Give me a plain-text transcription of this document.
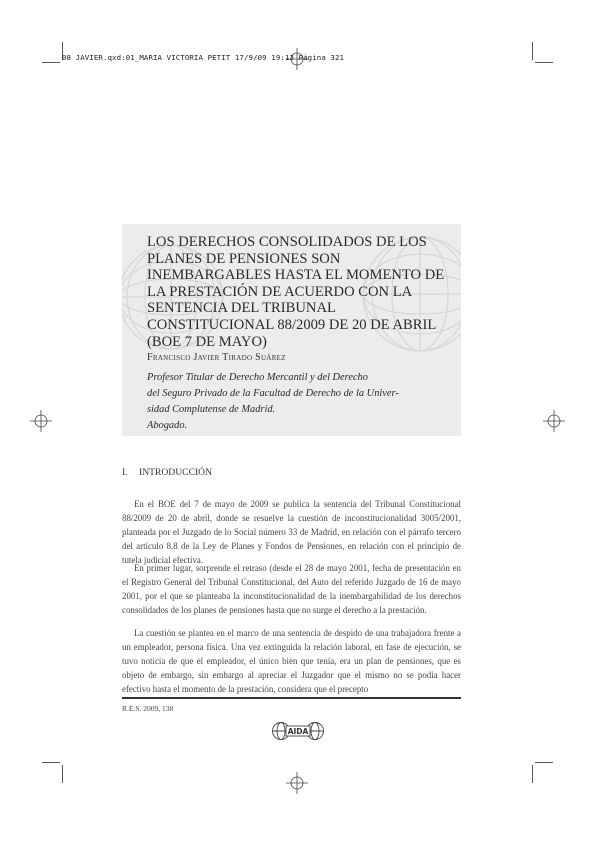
08 JAVIER.qxd:01_MARIA VICTORIA PETIT 17/9/09 19:13 Página 321
LOS DERECHOS CONSOLIDADOS DE LOS
PLANES DE PENSIONES SON
INEMBARGABLES HASTA EL MOMENTO DE
LA PRESTACIÓN DE ACUERDO CON LA
SENTENCIA DEL TRIBUNAL
CONSTITUCIONAL 88/2009 DE 20 DE ABRIL
(BOE 7 DE MAYO)
Francisco Javier Tirado Suárez
Profesor Titular de Derecho Mercantil y del Derecho
del Seguro Privado de la Facultad de Derecho de la Univer-
sidad Complutense de Madrid.
Abogado.
I. INTRODUCCIÓN

En el BOE del 7 de mayo de 2009 se publica la sentencia del Tribunal Constitucional 88/2009 de 20 de abril, donde se resuelve la cuestión de inconstitucionalidad 3005/2001, planteada por el Juzgado de lo Social número 33 de Madrid, en relación con el párrafo tercero del artículo 8.8 de la Ley de Planes y Fondos de Pensiones, en relación con el principio de tutela judicial efectiva.

En primer lugar, sorprende el retraso (desde el 28 de mayo 2001, fecha de presentación en el Registro General del Tribunal Constitucional, del Auto del referido Juzgado de 16 de mayo 2001, por el que se planteaba la inconstitucionalidad de la inembargabilidad de los derechos consolidados de los planes de pensiones hasta que no surge el derecho a la prestación.

La cuestión se plantea en el marco de una sentencia de despido de una trabajadora frente a un empleador, persona física. Una vez extinguida la relación laboral, en fase de ejecución, se tuvo noticia de que el empleador, el único bien que tenía, era un plan de pensiones, que es objeto de embargo, sin embargo al apreciar el Juzgador que el mismo no se podía hacer efectivo hasta el momento de la prestación, considera que el precepto

R.E.S. 2009, 138
AIDA
